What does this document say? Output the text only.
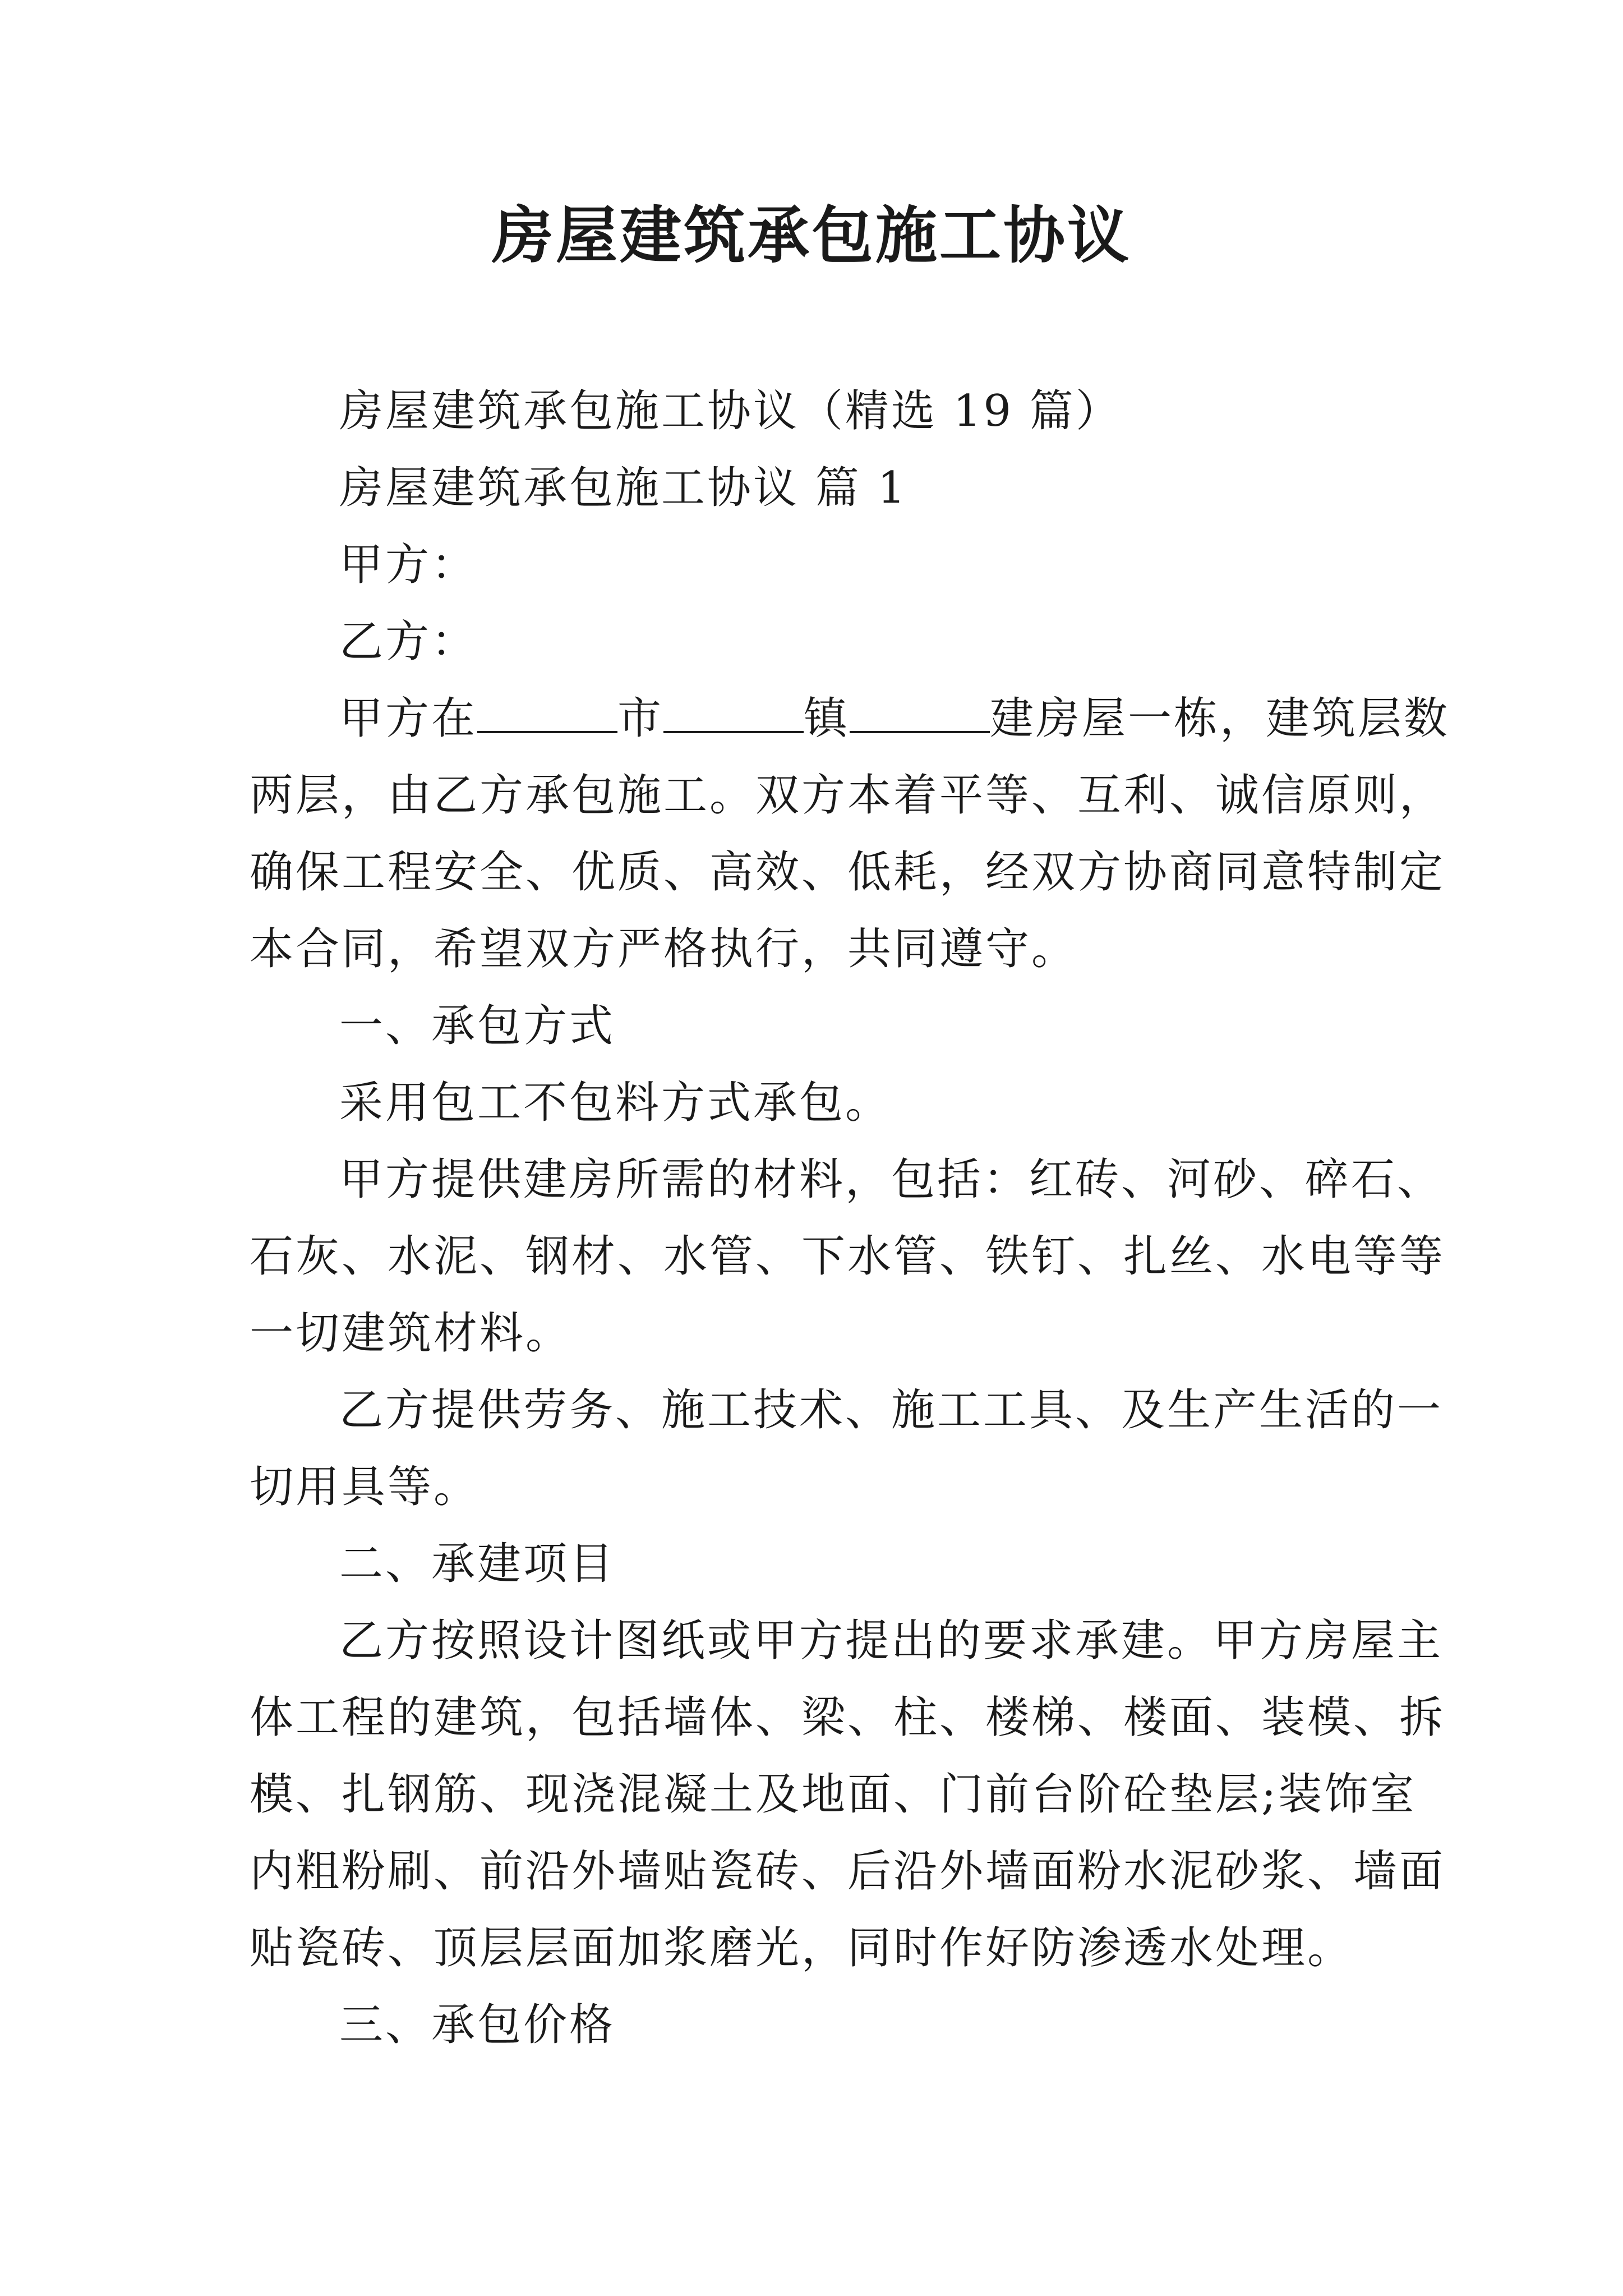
房屋建筑承包施工协议
房屋建筑承包施工协议（精选 19 篇）
房屋建筑承包施工协议 篇 1
甲方：
乙方：
甲方在	市	镇	建房屋一栋，建筑层数
两层，由乙方承包施工。双方本着平等、互利、诚信原则，
确保工程安全、优质、高效、低耗，经双方协商同意特制定
本合同，希望双方严格执行，共同遵守。
一、承包方式
采用包工不包料方式承包。
甲方提供建房所需的材料，包括：红砖、河砂、碎石、
石灰、水泥、钢材、水管、下水管、铁钉、扎丝、水电等等
一切建筑材料。
乙方提供劳务、施工技术、施工工具、及生产生活的一
切用具等。
二、承建项目
乙方按照设计图纸或甲方提出的要求承建。甲方房屋主
体工程的建筑，包括墙体、梁、柱、楼梯、楼面、装模、拆
模、扎钢筋、现浇混凝土及地面、门前台阶砼垫层;装饰室
内粗粉刷、前沿外墙贴瓷砖、后沿外墙面粉水泥砂浆、墙面
贴瓷砖、顶层层面加浆磨光，同时作好防渗透水处理。
三、承包价格
